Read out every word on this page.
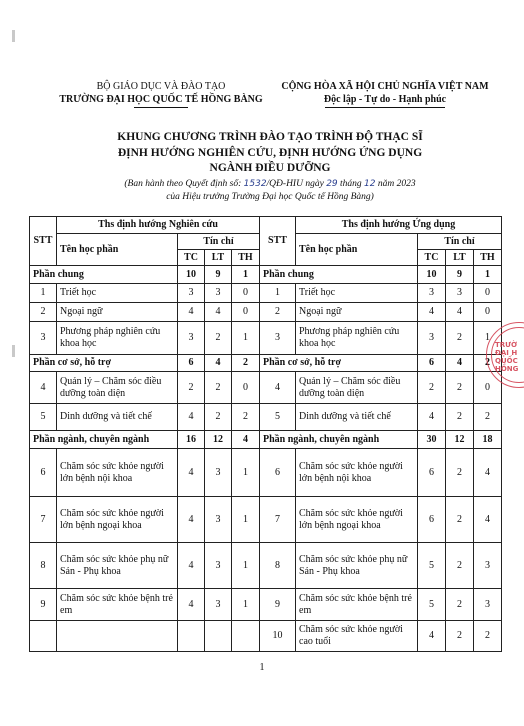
BỘ GIÁO DỤC VÀ ĐÀO TẠO
TRƯỜNG ĐẠI HỌC QUỐC TẾ HỒNG BÀNG
CỘNG HÒA XÃ HỘI CHỦ NGHĨA VIỆT NAM
Độc lập - Tự do - Hạnh phúc
KHUNG CHƯƠNG TRÌNH ĐÀO TẠO TRÌNH ĐỘ THẠC SĨ
ĐỊNH HƯỚNG NGHIÊN CỨU, ĐỊNH HƯỚNG ỨNG DỤNG
NGÀNH ĐIỀU DƯỠNG
(Ban hành theo Quyết định số: 1532/QĐ-HIU ngày 29 tháng 12 năm 2023
của Hiệu trưởng Trường Đại học Quốc tế Hồng Bàng)
STT	Ths định hướng Nghiên cứu				STT	Ths định hướng Ứng dụng			
	Tên học phần	Tín chỉ				Tên học phần	Tín chỉ		
		TC	LT	TH			TC	LT	TH
Phần chung		10	9	1	Phần chung		10	9	1
1	Triết học	3	3	0	1	Triết học	3	3	0
2	Ngoại ngữ	4	4	0	2	Ngoại ngữ	4	4	0
3	Phương pháp nghiên cứu khoa học	3	2	1	3	Phương pháp nghiên cứu khoa học	3	2	1
Phần cơ sở, hỗ trợ		6	4	2	Phần cơ sở, hỗ trợ		6	4	2
4	Quản lý – Chăm sóc điều dưỡng toàn diện	2	2	0	4	Quản lý – Chăm sóc điều dưỡng toàn diện	2	2	0
5	Dinh dưỡng và tiết chế	4	2	2	5	Dinh dưỡng và tiết chế	4	2	2
Phần ngành, chuyên ngành		16	12	4	Phần ngành, chuyên ngành		30	12	18
6	Chăm sóc sức khỏe người lớn bệnh nội khoa	4	3	1	6	Chăm sóc sức khỏe người lớn bệnh nội khoa	6	2	4
7	Chăm sóc sức khỏe người lớn bệnh ngoại khoa	4	3	1	7	Chăm sóc sức khỏe người lớn bệnh ngoại khoa	6	2	4
8	Chăm sóc sức khỏe phụ nữ Sản - Phụ khoa	4	3	1	8	Chăm sóc sức khỏe phụ nữ Sản - Phụ khoa	5	2	3
9	Chăm sóc sức khỏe bệnh trẻ em	4	3	1	9	Chăm sóc sức khỏe bệnh trẻ em	5	2	3
					10	Chăm sóc sức khỏe người cao tuổi	4	2	2
TRƯỜ
ĐẠI H
QUỐC
HỒNG
1
